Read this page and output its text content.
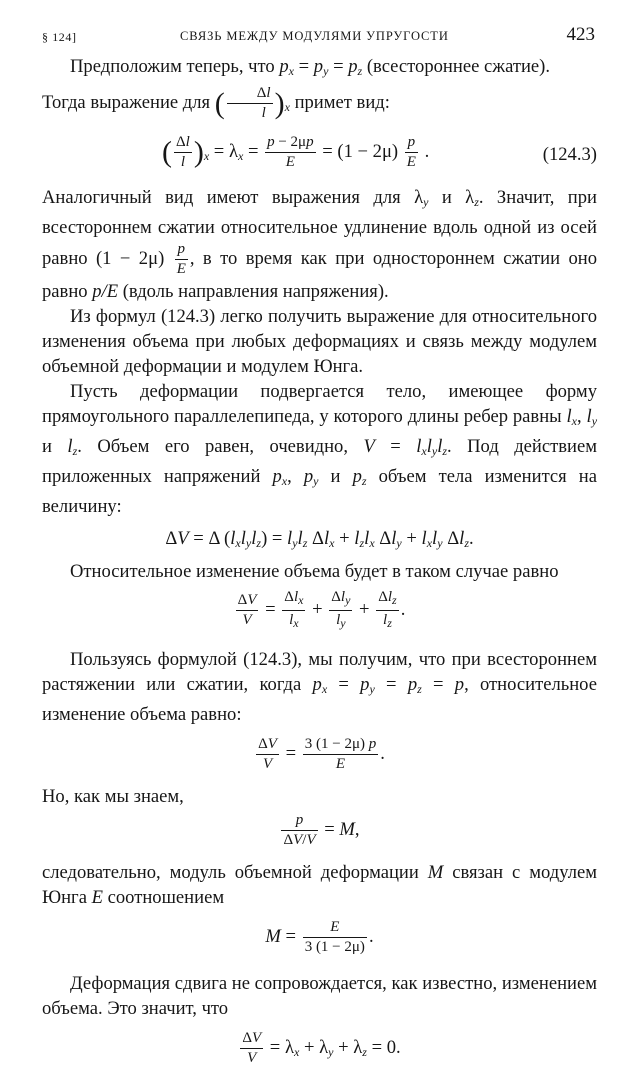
§ 124]	СВЯЗЬ МЕЖДУ МОДУЛЯМИ УПРУГОСТИ	423

Предположим теперь, что $p_x = p_y = p_z$ (всестороннее сжатие).
Тогда выражение для ( $\frac{\Delta l}{l} )_x$ примет вид:

( $\frac{\Delta l}{l} )_x = \lambda_x = \frac{p - 2\mu p}{E} = (1 - 2\mu) \frac{p}{E}$ .	(124.3)

Аналогичный вид имеют выражения для $\lambda_y$ и $\lambda_z$. Значит, при всестороннем сжатии относительное удлинение вдоль одной из осей равно $(1 - 2\mu) \frac{p}{E}$ , в то время как при одностороннем сжатии оно равно p/E (вдоль направления напряжения).

Из формул (124.3) легко получить выражение для относительного изменения объема при любых деформациях и связь между модулем объемной деформации и модулем Юнга.

Пусть деформации подвергается тело, имеющее форму прямоугольного параллелепипеда, у которого длины ребер равны $l_x$, $l_y$ и $l_z$. Объем его равен, очевидно, $V = l_xl_yl_z$. Под действием приложенных напряжений $p_x$, $p_y$ и $p_z$ объем тела изменится на величину:

ΔV = Δ $(l_xl_yl_z) = l_yl_z$ $\Delta l_x + l_zl_x$ $\Delta l_y + l_xl_y$ $\Delta l_z$.

Относительное изменение объема будет в таком случае равно

$\frac{\Delta V}{V} = \frac{\Delta l_x}{l_x} + \frac{\Delta l_y}{l_y} + \frac{\Delta l_z}{l_z}$ .

Пользуясь формулой (124.3), мы получим, что при всестороннем растяжении или сжатии, когда $p_x = p_y = p_z = p$, относительное изменение объема равно:

$\frac{\Delta V}{V} = \frac{3 (1 - 2\mu) p}{E}$ .

Но, как мы знаем,

$\frac{p}{\Delta V/V} = M$,

следовательно, модуль объемной деформации M связан с модулем Юнга E соотношением

$M = \frac{E}{3 (1 - 2\mu)}$ .

Деформация сдвига не сопровождается, как известно, изменением объема. Это значит, что

$\frac{\Delta V}{V} = \lambda_x + \lambda_y + \lambda_z = 0$.
